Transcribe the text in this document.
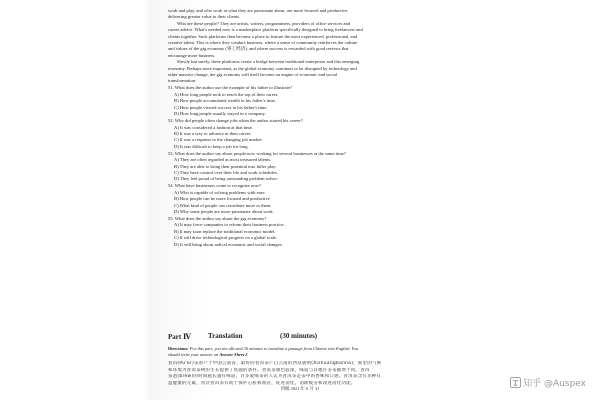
work and play, and who work at what they are passionate about, are more focused and productive,
delivering greater value to their clients.
Who are these people? They are artists, writers, programmers, providers of office services and
career advice. What's needed now is a marketplace platform specifically designed to bring freelancers and
clients together. Such platforms then become a place to feature the most experienced, professional, and
creative talent. This is where they conduct business, where a sense of community reinforces the culture
and values of the gig economy (零工经济), and where success is rewarded with good reviews that
encourage more business.
Slowly but surely, these platforms create a bridge between traditional enterprises and this emerging
economy. Perhaps more important, as the global economy continues to be disrupted by technology and
other massive change, the gig economy will itself become an engine of economic and social
transformation.
51. What does the author use the example of his father to illustrate?
A) How long people took to reach the top of their career.
B) How people accumulated wealth in his father's time.
C) How people viewed success in his father's time.
D) How long people usually stayed in a company.
52. Why did people often change jobs when the author started his career?
A) It was considered a fashion at that time.
B) It was a way to advance in their career.
C) It was a response to the changing job market.
D) It was difficult to keep a job for long.
53. What does the author say about people now working for several businesses at the same time?
A) They are often regarded as most treasured talents.
B) They are able to bring their potential into fuller play.
C) They have control over their life and work schedules.
D) They feel proud of being outstanding problem solver.
54. What have businesses come to recognize now?
A) Who is capable of solving problems with ease.
B) How people can be more focused and productive.
C) What kind of people can contribute more to them.
D) Why some people are more passionate about work.
55. What does the author say about the gig economy?
A) It may force companies to reform their business practice.
B) It may soon replace the traditional economic model.
C) It will drive technological progress on a global scale.
D) It will bring about radical economic and social changes.
Part Ⅳ Translation	(30 minutes)
Directions: For this part, you are allowed 30 minutes to translate a passage from Chinese into English. You
should write your answer on Answer Sheet 2.
普洱(Pu'er)茶原产于中国云南省，最好的普洱茶产自云南的西双版纳(Xishuangbanna)，那里的气候
和环境为普洱茶树的生长提供了优越的条件。普洱茶颜色较深，味道与其他许多茶截然不同。普洱
茶泡(brew)的时间越长越有味道，许多爱喝茶的人认为普洱茶是茶中的香味和口感。普洱茶含有多种有
益健康的元素，常饮普洱茶有助于保护心脏和血管，促进消化，消除疲劳和改进消化功能。
四级 2021 年 6 月 31	知乎 @Auspex
